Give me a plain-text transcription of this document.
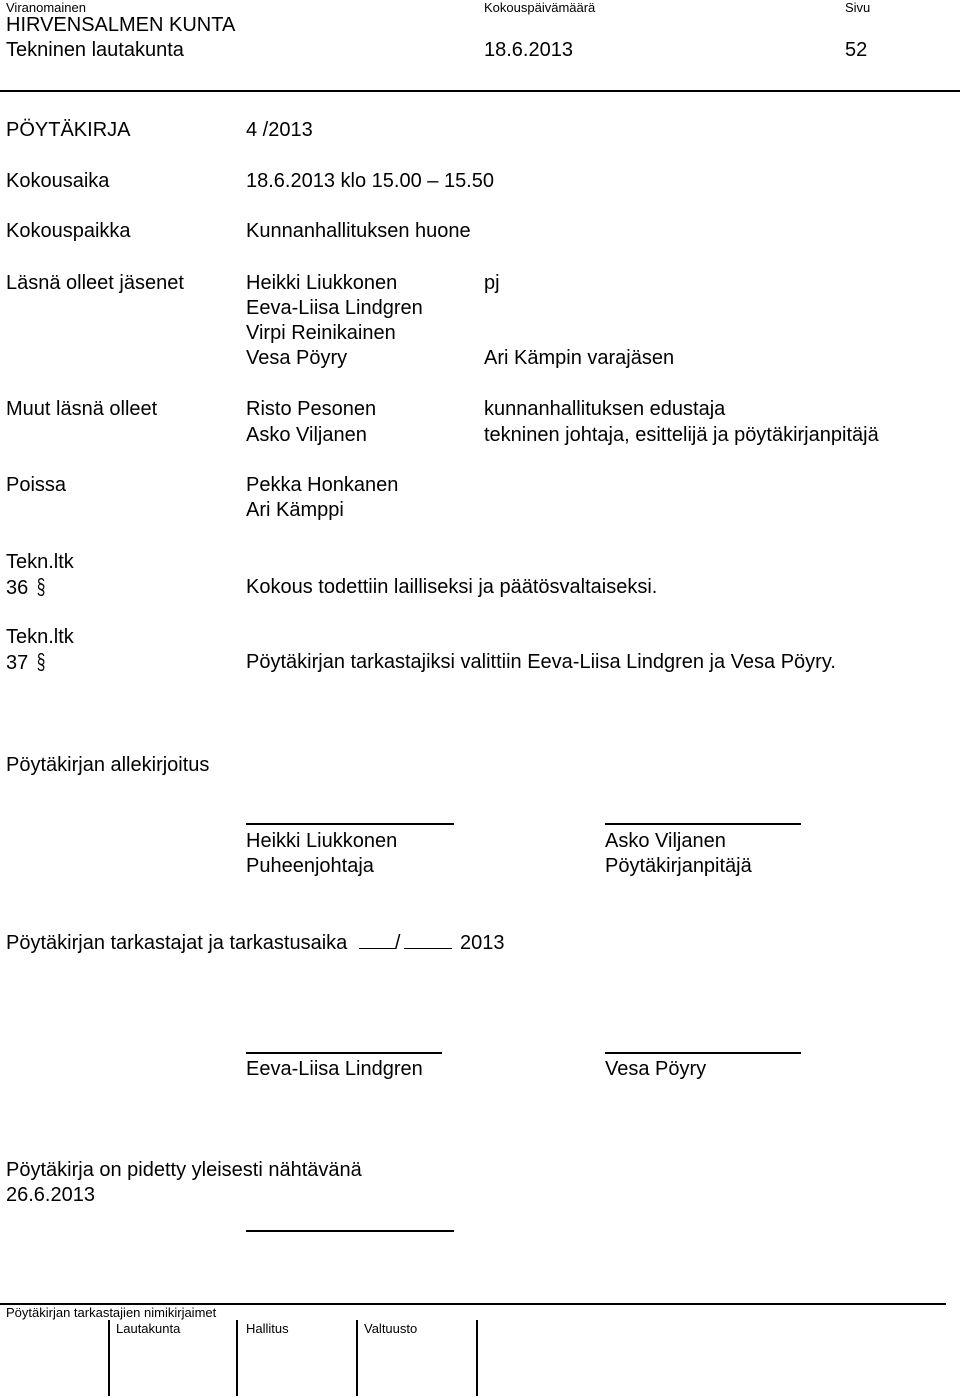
Viranomainen	Kokouspäivämäärä	Sivu
HIRVENSALMEN KUNTA
Tekninen lautakunta	18.6.2013	52
PÖYTÄKIRJA	4 /2013
Kokousaika	18.6.2013 klo 15.00 – 15.50
Kokouspaikka	Kunnanhallituksen huone
Läsnä olleet jäsenet	Heikki Liukkonen	pj
Eeva-Liisa Lindgren
Virpi Reinikainen
Vesa Pöyry	Ari Kämpin varajäsen
Muut läsnä olleet	Risto Pesonen	kunnanhallituksen edustaja
Asko Viljanen	tekninen johtaja, esittelijä ja pöytäkirjanpitäjä
Poissa	Pekka Honkanen
Ari Kämppi
Tekn.ltk
36 §	Kokous todettiin lailliseksi ja päätösvaltaiseksi.
Tekn.ltk
37 §	Pöytäkirjan tarkastajiksi valittiin Eeva-Liisa Lindgren ja Vesa Pöyry.
Pöytäkirjan allekirjoitus
Heikki Liukkonen
Puheenjohtaja
Asko Viljanen
Pöytäkirjanpitäjä
Pöytäkirjan tarkastajat ja tarkastusaika /	2013
Eeva-Liisa Lindgren	Vesa Pöyry
Pöytäkirja on pidetty yleisesti nähtävänä
26.6.2013
Pöytäkirjan tarkastajien nimikirjaimet
Lautakunta	Hallitus	Valtuusto
